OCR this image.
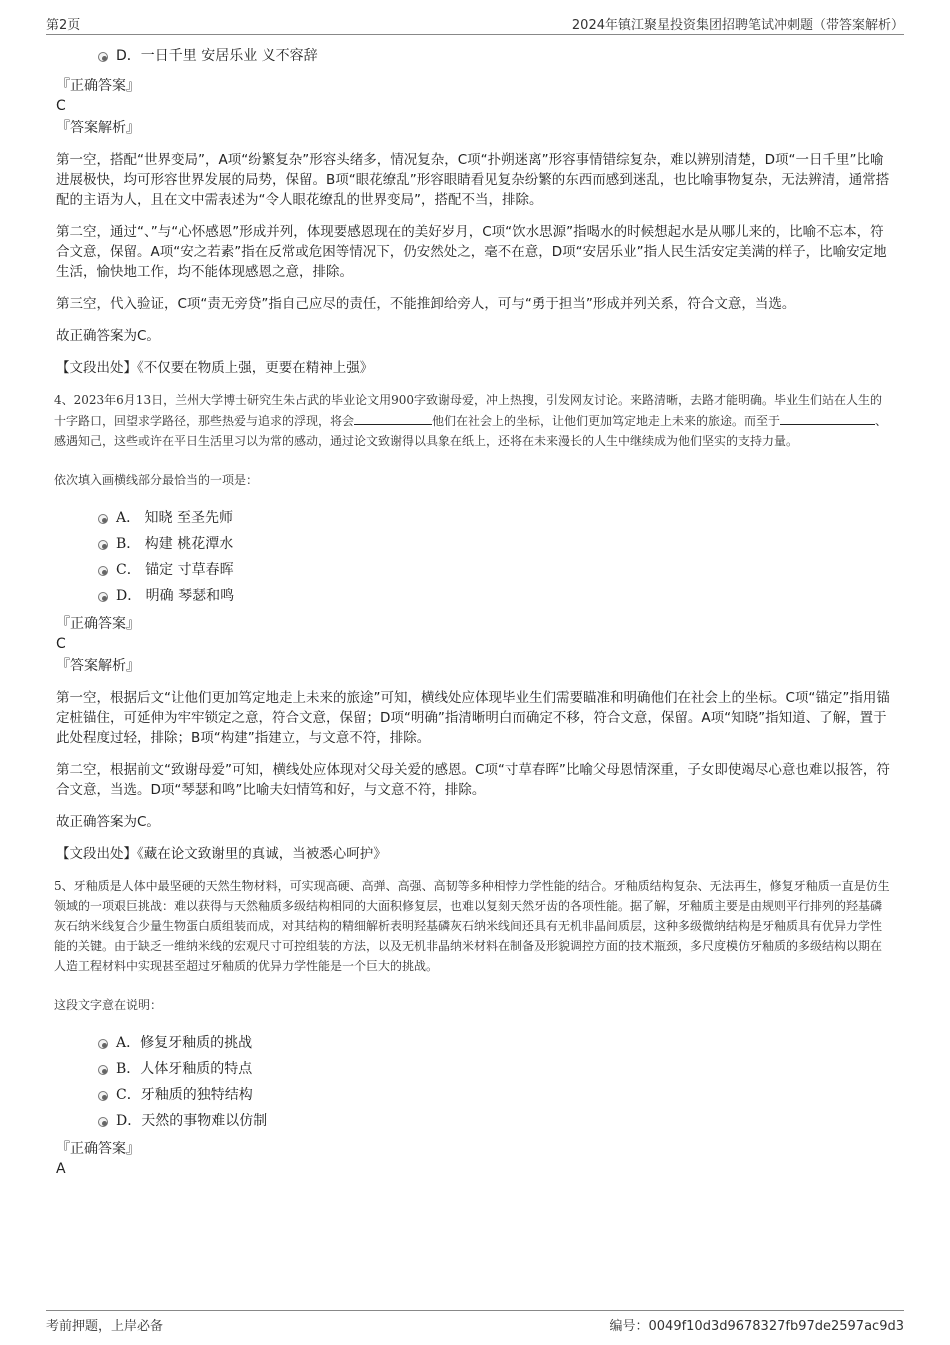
第2页	2024年镇江聚星投资集团招聘笔试冲刺题（带答案解析）
D．一日千里 安居乐业 义不容辞
『正确答案』
C
『答案解析』
第一空，搭配“世界变局”，A项“纷繁复杂”形容头绪多，情况复杂，C项“扑朔迷离”形容事情错综复杂，难以辨别清楚，D项“一日千里”比喻进展极快，均可形容世界发展的局势，保留。B项“眼花缭乱”形容眼睛看见复杂纷繁的东西而感到迷乱，也比喻事物复杂，无法辨清，通常搭配的主语为人，且在文中需表述为“令人眼花缭乱的世界变局”，搭配不当，排除。
第二空，通过“、”与“心怀感恩”形成并列，体现要感恩现在的美好岁月，C项“饮水思源”指喝水的时候想起水是从哪儿来的，比喻不忘本，符合文意，保留。A项“安之若素”指在反常或危困等情况下，仍安然处之，毫不在意，D项“安居乐业”指人民生活安定美满的样子，比喻安定地生活，愉快地工作，均不能体现感恩之意，排除。
第三空，代入验证，C项“责无旁贷”指自己应尽的责任，不能推卸给旁人，可与“勇于担当”形成并列关系，符合文意，当选。
故正确答案为C。
【文段出处】《不仅要在物质上强，更要在精神上强》
4、2023年6月13日，兰州大学博士研究生朱占武的毕业论文用900字致谢母爱，冲上热搜，引发网友讨论。来路清晰，去路才能明确。毕业生们站在人生的十字路口，回望求学路径，那些热爱与追求的浮现，将会	他们在社会上的坐标，让他们更加笃定地走上未来的旅途。而至于	、感遇知己，这些或许在平日生活里习以为常的感动，通过论文致谢得以具象在纸上，还将在未来漫长的人生中继续成为他们坚实的支持力量。
依次填入画横线部分最恰当的一项是：
A． 知晓 至圣先师
B． 构建 桃花潭水
C． 锚定 寸草春晖
D． 明确 琴瑟和鸣
『正确答案』
C
『答案解析』
第一空，根据后文“让他们更加笃定地走上未来的旅途”可知，横线处应体现毕业生们需要瞄准和明确他们在社会上的坐标。C项“锚定”指用锚定桩锚住，可延伸为牢牢锁定之意，符合文意，保留；D项“明确”指清晰明白而确定不移，符合文意，保留。A项“知晓”指知道、了解，置于此处程度过轻，排除；B项“构建”指建立，与文意不符，排除。
第二空，根据前文“致谢母爱”可知，横线处应体现对父母关爱的感恩。C项“寸草春晖”比喻父母恩情深重，子女即使竭尽心意也难以报答，符合文意，当选。D项“琴瑟和鸣”比喻夫妇情笃和好，与文意不符，排除。
故正确答案为C。
【文段出处】《藏在论文致谢里的真诚，当被悉心呵护》
5、牙釉质是人体中最坚硬的天然生物材料，可实现高硬、高弹、高强、高韧等多种相悖力学性能的结合。牙釉质结构复杂、无法再生，修复牙釉质一直是仿生领域的一项艰巨挑战：难以获得与天然釉质多级结构相同的大面积修复层，也难以复刻天然牙齿的各项性能。据了解，牙釉质主要是由规则平行排列的羟基磷灰石纳米线复合少量生物蛋白质组装而成，对其结构的精细解析表明羟基磷灰石纳米线间还具有无机非晶间质层，这种多级微纳结构是牙釉质具有优异力学性能的关键。由于缺乏一维纳米线的宏观尺寸可控组装的方法，以及无机非晶纳米材料在制备及形貌调控方面的技术瓶颈，多尺度模仿牙釉质的多级结构以期在人造工程材料中实现甚至超过牙釉质的优异力学性能是一个巨大的挑战。
这段文字意在说明：
A．修复牙釉质的挑战
B．人体牙釉质的特点
C．牙釉质的独特结构
D．天然的事物难以仿制
『正确答案』
A
考前押题，上岸必备	编号：0049f10d3d9678327fb97de2597ac9d3
